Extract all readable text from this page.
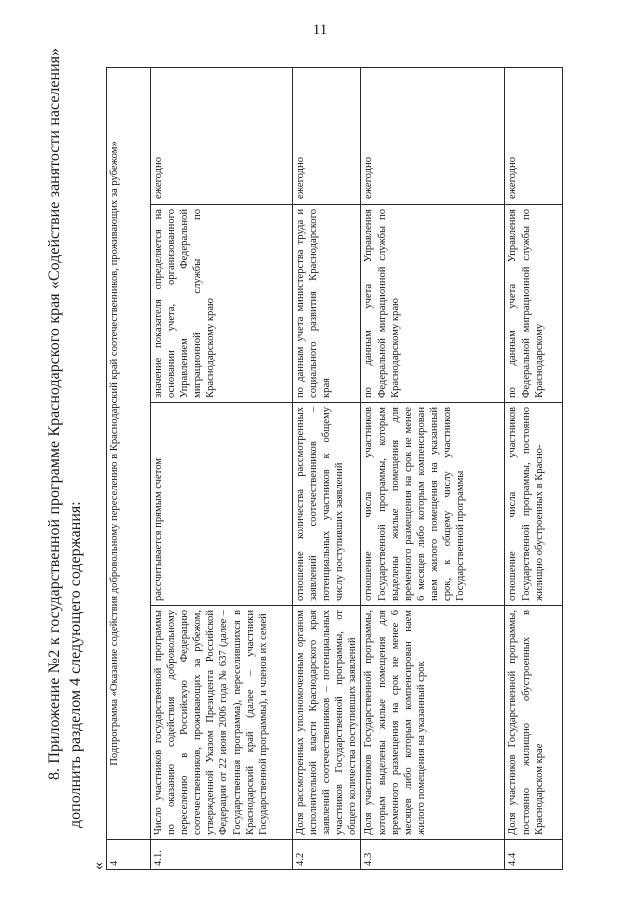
11
8. Приложение №2 к государственной программе Краснодарского края «Содействие занятости населения» дополнить разделом 4 следующего содержания:
« 4	Подпрограмма «Оказание содействия добровольному переселению в Краснодарский край соотечественников, проживающих за рубежом»			
4.1.	Число участников государственной программы по оказанию содействия добровольному переселению в Российскую Федерацию соотечественников, проживающих за рубежом, утвержденной Указом Президента Российской Федерации от 22 июня 2006 года № 637 (далее – Государственная программа), переселившихся в Краснодарский край (далее – участники Государственной программы), и членов их семей	рассчитывается прямым счетом	значение показателя определяется на основании учета, организованного Управлением Федеральной миграционной службы по Краснодарскому краю	ежегодно
4.2	Доля рассмотренных уполномоченным органом исполнительной власти Краснодарского края заявлений соотечественников – потенциальных участников Государственной программы, от общего количества поступивших заявлений	отношение количества рассмотренных заявлений соотечественников – потенциальных участников к общему числу поступивших заявлений	по данным учета министерства труда и социального развития Краснодарского края	ежегодно
4.3	Доля участников Государственной программы, которым выделены жилые помещения для временного размещения на срок не менее 6 месяцев либо которым компенсирован наем жилого помещения на указанный срок	отношение числа участников Государственной программы, которым выделены жилые помещения для временного размещения на срок не менее 6 месяцев либо которым компенсирован наем жилого помещения на указанный срок, к общему числу участников Государственной программы	по данным учета Управления Федеральной миграционной службы по Краснодарскому краю	ежегодно
4.4	Доля участников Государственной программы, постоянно жилищно обустроенных в Краснодарском крае	отношение числа участников Государственной программы, постоянно жилищно обустроенных в Красно-	по данным учета Управления Федеральной миграционной службы по Краснодарскому	ежегодно
